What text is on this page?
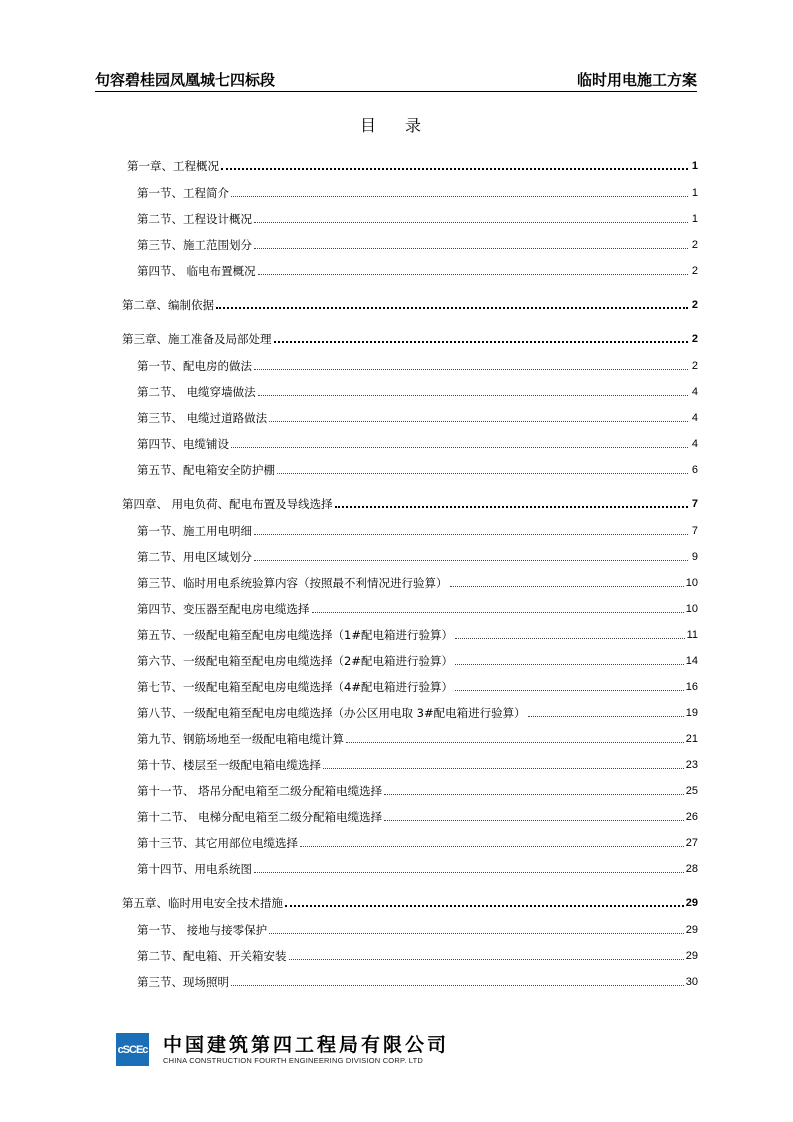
句容碧桂园凤凰城七四标段	临时用电施工方案
目 录
第一章、工程概况	1
第一节、工程简介	1
第二节、工程设计概况	1
第三节、施工范围划分	2
第四节、 临电布置概况	2
第二章、编制依据	2
第三章、施工准备及局部处理	2
第一节、配电房的做法	2
第二节、 电缆穿墙做法	4
第三节、 电缆过道路做法	4
第四节、电缆铺设	4
第五节、配电箱安全防护棚	6
第四章、 用电负荷、配电布置及导线选择	7
第一节、施工用电明细	7
第二节、用电区域划分	9
第三节、临时用电系统验算内容（按照最不利情况进行验算）	10
第四节、变压器至配电房电缆选择	10
第五节、一级配电箱至配电房电缆选择（1#配电箱进行验算）	11
第六节、一级配电箱至配电房电缆选择（2#配电箱进行验算）	14
第七节、一级配电箱至配电房电缆选择（4#配电箱进行验算）	16
第八节、一级配电箱至配电房电缆选择（办公区用电取 3#配电箱进行验算）	19
第九节、钢筋场地至一级配电箱电缆计算	21
第十节、楼层至一级配电箱电缆选择	23
第十一节、 塔吊分配电箱至二级分配箱电缆选择	25
第十二节、 电梯分配电箱至二级分配箱电缆选择	26
第十三节、其它用部位电缆选择	27
第十四节、用电系统图	28
第五章、临时用电安全技术措施	29
第一节、 接地与接零保护	29
第二节、配电箱、开关箱安装	29
第三节、现场照明	30
cSCEc 中国建筑第四工程局有限公司
CHINA CONSTRUCTION FOURTH ENGINEERING DIVISION CORP. LTD
